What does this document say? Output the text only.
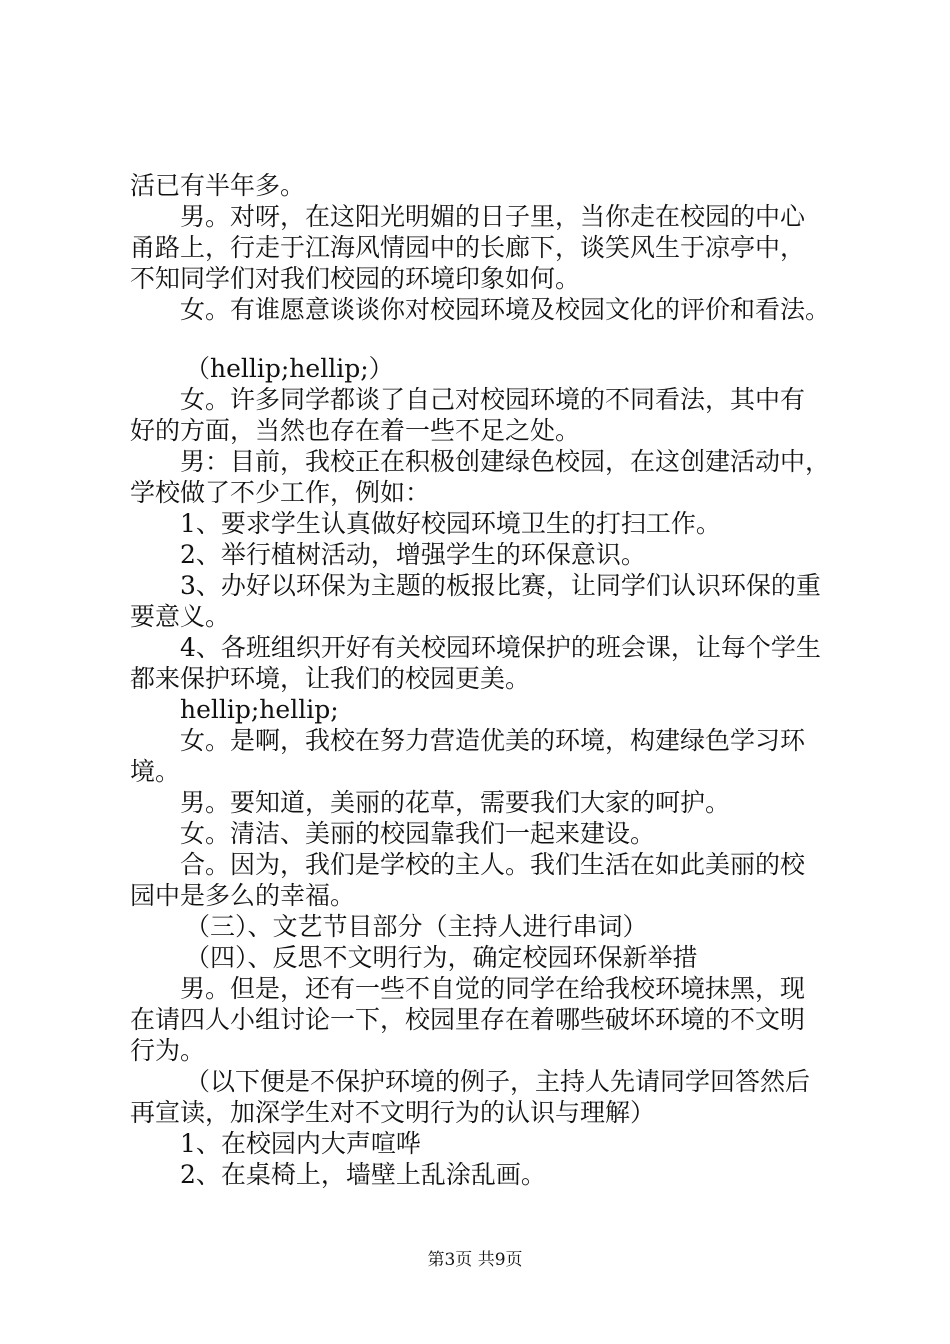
活已有半年多。
男。对呀，在这阳光明媚的日子里，当你走在校园的中心
甬路上，行走于江海风情园中的长廊下，谈笑风生于凉亭中，
不知同学们对我们校园的环境印象如何。
女。有谁愿意谈谈你对校园环境及校园文化的评价和看法。
（hellip;hellip;）
女。许多同学都谈了自己对校园环境的不同看法，其中有
好的方面，当然也存在着一些不足之处。
男：目前，我校正在积极创建绿色校园，在这创建活动中，
学校做了不少工作，例如：
1、要求学生认真做好校园环境卫生的打扫工作。
2、举行植树活动，增强学生的环保意识。
3、办好以环保为主题的板报比赛，让同学们认识环保的重
要意义。
4、各班组织开好有关校园环境保护的班会课，让每个学生
都来保护环境，让我们的校园更美。
hellip;hellip;
女。是啊，我校在努力营造优美的环境，构建绿色学习环
境。
男。要知道，美丽的花草，需要我们大家的呵护。
女。清洁、美丽的校园靠我们一起来建设。
合。因为，我们是学校的主人。我们生活在如此美丽的校
园中是多么的幸福。
（三）、文艺节目部分（主持人进行串词）
（四）、反思不文明行为，确定校园环保新举措
男。但是，还有一些不自觉的同学在给我校环境抹黑，现
在请四人小组讨论一下，校园里存在着哪些破坏环境的不文明
行为。
（以下便是不保护环境的例子，主持人先请同学回答然后
再宣读，加深学生对不文明行为的认识与理解）
1、在校园内大声喧哗
2、在桌椅上，墙壁上乱涂乱画。
第3页 共9页
